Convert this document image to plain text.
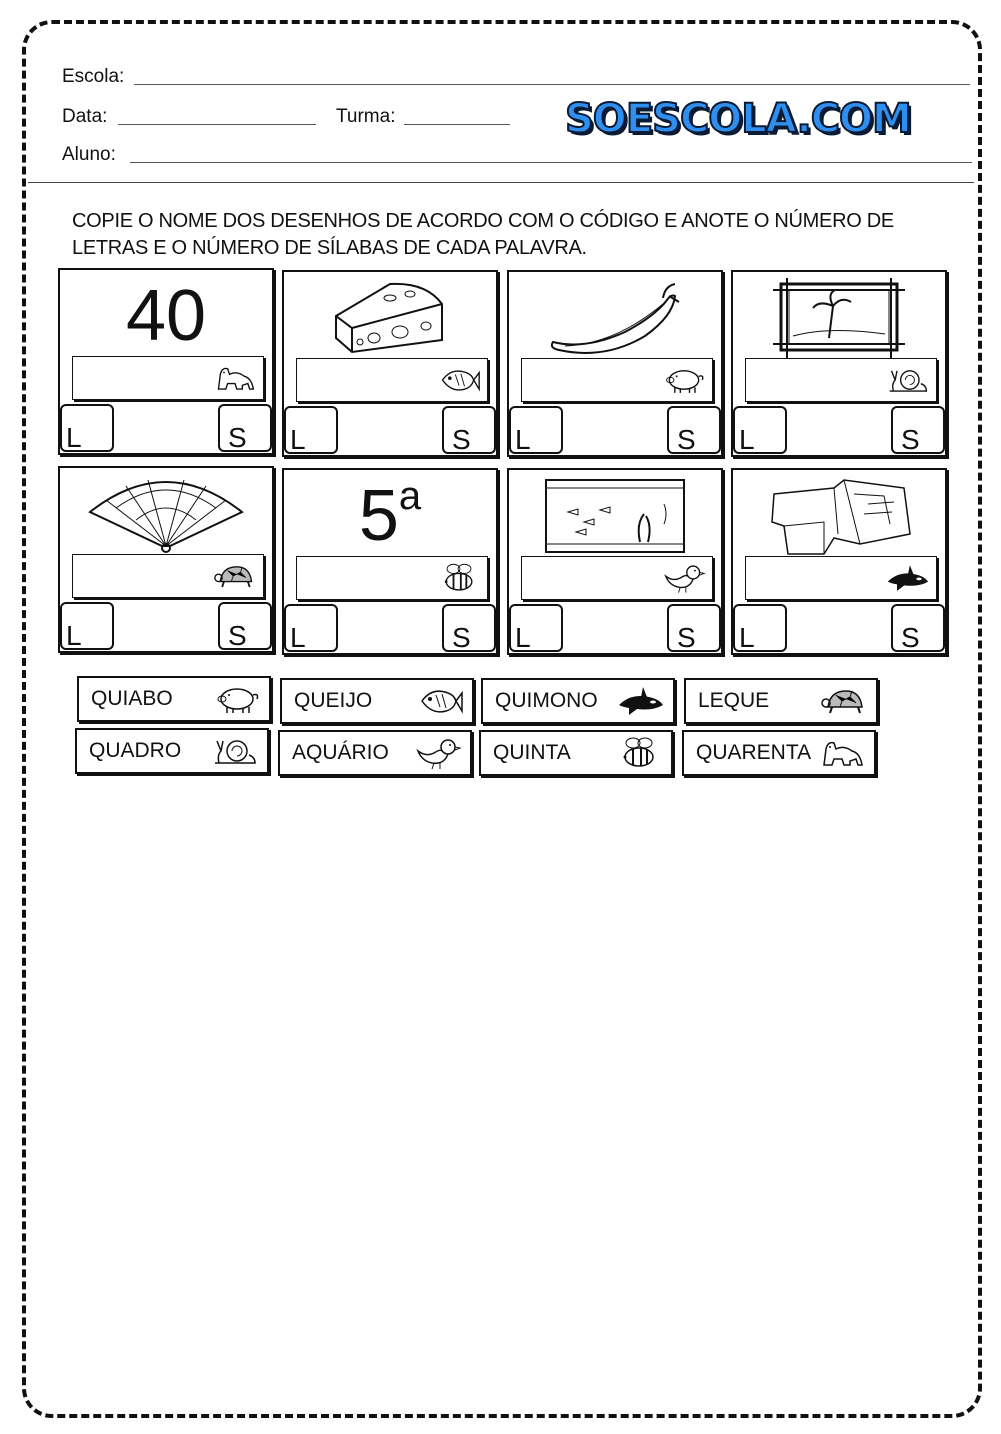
Escola:
Data:	Turma:	SOESCOLA.COM
Aluno:
COPIE O NOME DOS DESENHOS DE ACORDO COM O CÓDIGO E ANOTE O NÚMERO DE LETRAS E O NÚMERO DE SÍLABAS DE CADA PALAVRA.
40
L	S	L	S	L	S	L	S
L	S
5$^a$
L	S	L	S	L	S
QUIABO	QUEIJO	QUIMONO	LEQUE
QUADRO	AQUÁRIO	QUINTA	QUARENTA
